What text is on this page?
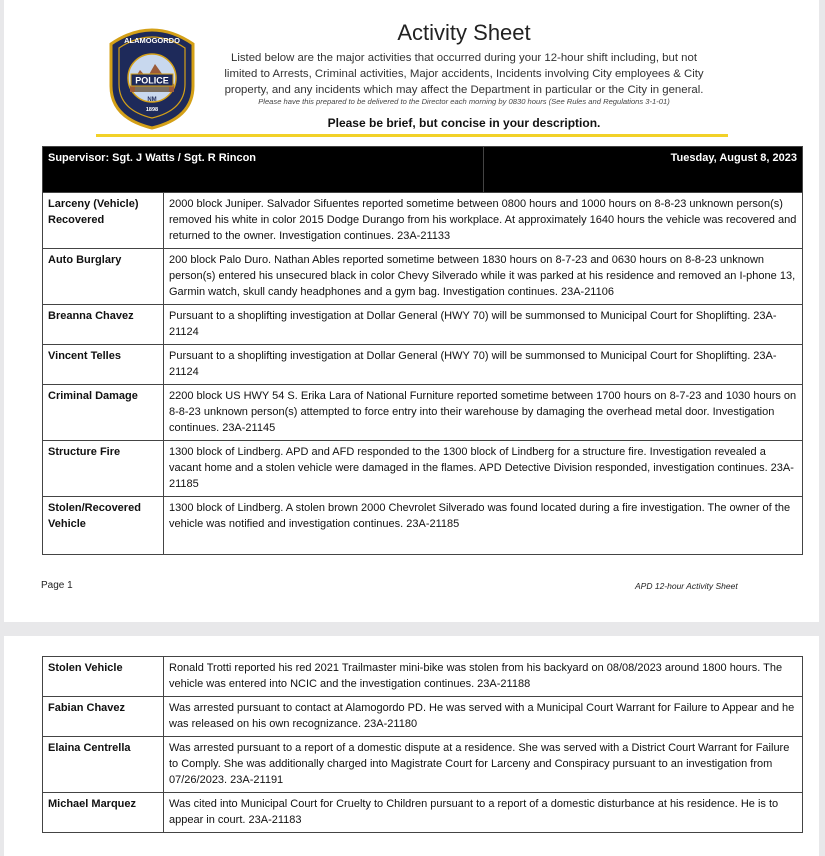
ALAMOGORDO
POLICE
NM
1898
Activity Sheet
Listed below are the major activities that occurred during your 12-hour shift including, but not limited to Arrests, Criminal activities, Major accidents, Incidents involving City employees & City property, and any incidents which may affect the Department in particular or the City in general.
Please have this prepared to be delivered to the Director each morning by 0830 hours (See Rules and Regulations 3-1-01)
Please be brief, but concise in your description.
Supervisor: Sgt. J Watts / Sgt. R Rincon		Tuesday, August 8, 2023
Larceny (Vehicle) Recovered	2000 block Juniper. Salvador Sifuentes reported sometime between 0800 hours and 1000 hours on 8-8-23 unknown person(s) removed his white in color 2015 Dodge Durango from his workplace. At approximately 1640 hours the vehicle was recovered and returned to the owner. Investigation continues. 23A-21133	
Auto Burglary	200 block Palo Duro. Nathan Ables reported sometime between 1830 hours on 8-7-23 and 0630 hours on 8-8-23 unknown person(s) entered his unsecured black in color Chevy Silverado while it was parked at his residence and removed an I-phone 13, Garmin watch, skull candy headphones and a gym bag. Investigation continues. 23A-21106	
Breanna Chavez	Pursuant to a shoplifting investigation at Dollar General (HWY 70) will be summonsed to Municipal Court for Shoplifting. 23A-21124	
Vincent Telles	Pursuant to a shoplifting investigation at Dollar General (HWY 70) will be summonsed to Municipal Court for Shoplifting. 23A-21124	
Criminal Damage	2200 block US HWY 54 S. Erika Lara of National Furniture reported sometime between 1700 hours on 8-7-23 and 1030 hours on 8-8-23 unknown person(s) attempted to force entry into their warehouse by damaging the overhead metal door. Investigation continues. 23A-21145	
Structure Fire	1300 block of Lindberg. APD and AFD responded to the 1300 block of Lindberg for a structure fire. Investigation revealed a vacant home and a stolen vehicle were damaged in the flames. APD Detective Division responded, investigation continues. 23A-21185	
Stolen/Recovered Vehicle	1300 block of Lindberg. A stolen brown 2000 Chevrolet Silverado was found located during a fire investigation. The owner of the vehicle was notified and investigation continues. 23A-21185	
Page 1	APD 12-hour Activity Sheet
Stolen Vehicle	Ronald Trotti reported his red 2021 Trailmaster mini-bike was stolen from his backyard on 08/08/2023 around 1800 hours. The vehicle was entered into NCIC and the investigation continues. 23A-21188
Fabian Chavez	Was arrested pursuant to contact at Alamogordo PD. He was served with a Municipal Court Warrant for Failure to Appear and he was released on his own recognizance. 23A-21180
Elaina Centrella	Was arrested pursuant to a report of a domestic dispute at a residence. She was served with a District Court Warrant for Failure to Comply. She was additionally charged into Magistrate Court for Larceny and Conspiracy pursuant to an investigation from 07/26/2023. 23A-21191
Michael Marquez	Was cited into Municipal Court for Cruelty to Children pursuant to a report of a domestic disturbance at his residence. He is to appear in court. 23A-21183
